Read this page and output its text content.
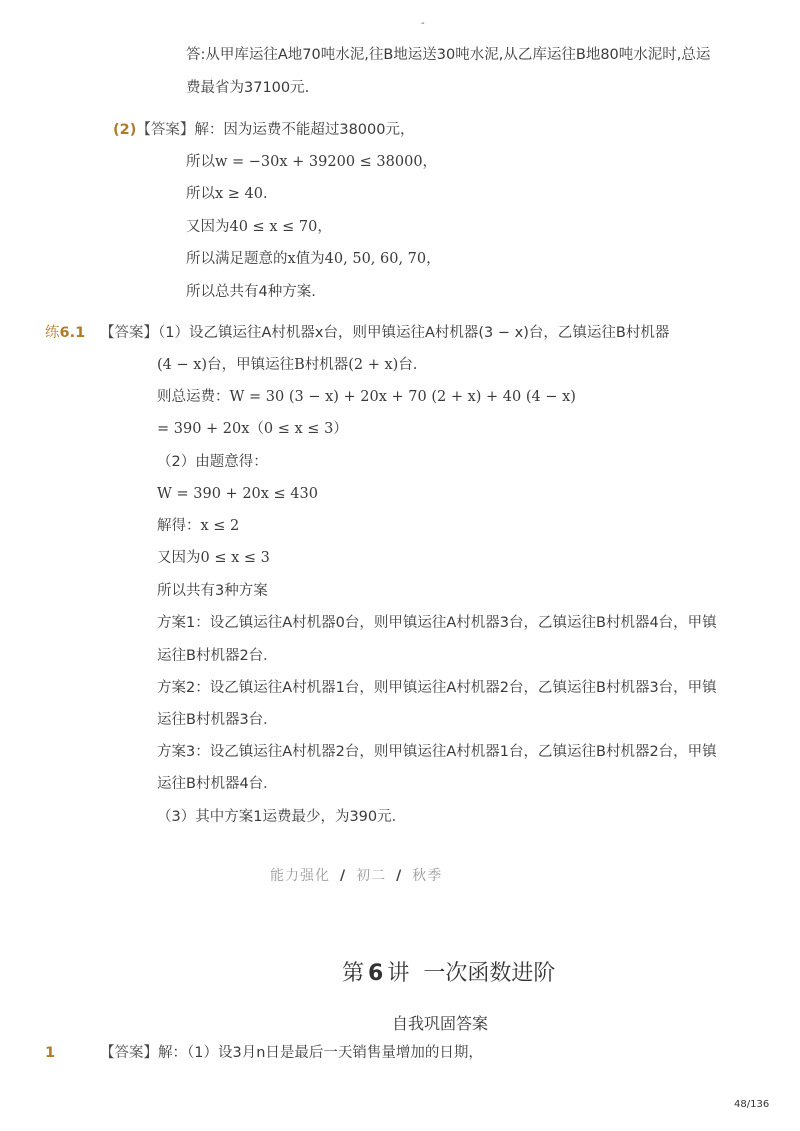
-
答:从甲库运往A地70吨水泥,往B地运送30吨水泥,从乙库运往B地80吨水泥时,总运
费最省为37100元.
(2)【答案】解：因为运费不能超过38000元，
所以w = −30x + 39200 ≤ 38000，
所以x ≥ 40.
又因为40 ≤ x ≤ 70，
所以满足题意的x值为40, 50, 60, 70，
所以总共有4种方案.
练6.1 【答案】（1）设乙镇运往A村机器x台，则甲镇运往A村机器(3 − x)台，乙镇运往B村机器
(4 − x)台，甲镇运往B村机器(2 + x)台．
则总运费：W = 30 (3 − x) + 20x + 70 (2 + x) + 40 (4 − x)
= 390 + 20x（0 ≤ x ≤ 3）
（2）由题意得：
W = 390 + 20x ≤ 430
解得：x ≤ 2
又因为0 ≤ x ≤ 3
所以共有3种方案
方案1：设乙镇运往A村机器0台，则甲镇运往A村机器3台，乙镇运往B村机器4台，甲镇
运往B村机器2台．
方案2：设乙镇运往A村机器1台，则甲镇运往A村机器2台，乙镇运往B村机器3台，甲镇
运往B村机器3台．
方案3：设乙镇运往A村机器2台，则甲镇运往A村机器1台，乙镇运往B村机器2台，甲镇
运往B村机器4台．
（3）其中方案1运费最少，为390元．
能力强化 / 初二 / 秋季
第 6 讲 一次函数进阶
自我巩固答案
1	【答案】解：（1）设3月n日是最后一天销售量增加的日期，
48/136
